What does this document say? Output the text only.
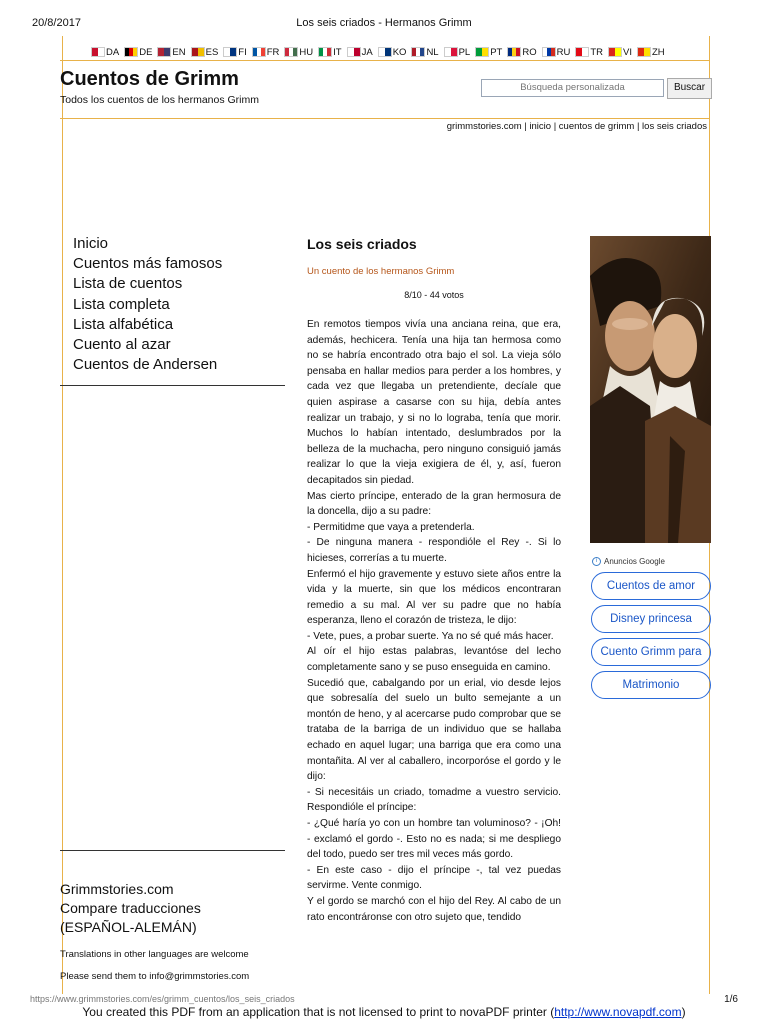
20/8/2017	Los seis criados - Hermanos Grimm
DA DE EN ES FI FR HU IT JA KO NL PL PT RO RU TR VI ZH
Cuentos de Grimm
Todos los cuentos de los hermanos Grimm
Búsqueda personalizada
Buscar
grimmstories.com | inicio | cuentos de grimm | los seis criados
Inicio
Cuentos más famosos
Lista de cuentos
Lista completa
Lista alfabética
Cuento al azar
Cuentos de Andersen
Grimmstories.com
Compare traducciones
(ESPAÑOL-ALEMÁN)
Translations in other languages are welcome
Please send them to info@grimmstories.com
Los seis criados
Un cuento de los hermanos Grimm
8/10 - 44 votos

En remotos tiempos vivía una anciana reina, que era, además, hechicera. Tenía una hija tan hermosa como no se habría encontrado otra bajo el sol. La vieja sólo pensaba en hallar medios para perder a los hombres, y cada vez que llegaba un pretendiente, decíale que quien aspirase a casarse con su hija, debía antes realizar un trabajo, y si no lo lograba, tenía que morir. Muchos lo habían intentado, deslumbrados por la belleza de la muchacha, pero ninguno consiguió jamás realizar lo que la vieja exigiera de él, y, así, fueron decapitados sin piedad.

Mas cierto príncipe, enterado de la gran hermosura de la doncella, dijo a su padre:

- Permitidme que vaya a pretenderla.

- De ninguna manera - respondióle el Rey -. Si lo hicieses, correrías a tu muerte.

Enfermó el hijo gravemente y estuvo siete años entre la vida y la muerte, sin que los médicos encontraran remedio a su mal. Al ver su padre que no había esperanza, lleno el corazón de tristeza, le dijo:

- Vete, pues, a probar suerte. Ya no sé qué más hacer.

Al oír el hijo estas palabras, levantóse del lecho completamente sano y se puso enseguida en camino.

Sucedió que, cabalgando por un erial, vio desde lejos que sobresalía del suelo un bulto semejante a un montón de heno, y al acercarse pudo comprobar que se trataba de la barriga de un individuo que se hallaba echado en aquel lugar; una barriga que era como una montañita. Al ver al caballero, incorporóse el gordo y le dijo:

- Si necesitáis un criado, tomadme a vuestro servicio. Respondióle el príncipe:

- ¿Qué haría yo con un hombre tan voluminoso? - ¡Oh! - exclamó el gordo -. Esto no es nada; si me despliego del todo, puedo ser tres mil veces más gordo.

- En este caso - dijo el príncipe -, tal vez puedas servirme. Vente conmigo.

Y el gordo se marchó con el hijo del Rey. Al cabo de un rato encontráronse con otro sujeto que, tendido

i Anuncios Google
Cuentos de amor
Disney princesa
Cuento Grimm para
Matrimonio
https://www.grimmstories.com/es/grimm_cuentos/los_seis_criados	1/6
You created this PDF from an application that is not licensed to print to novaPDF printer (http://www.novapdf.com)
